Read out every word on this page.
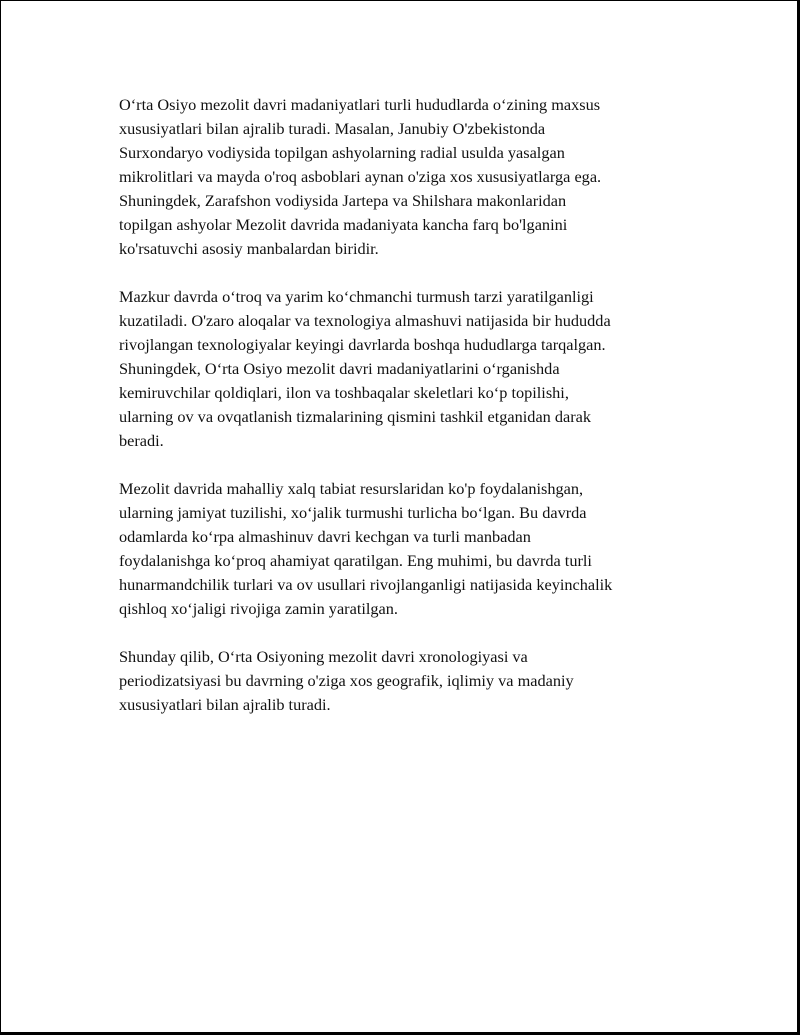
O‘rta Osiyo mezolit davri madaniyatlari turli hududlarda o‘zining maxsus
xususiyatlari bilan ajralib turadi. Masalan, Janubiy O'zbekistonda
Surxondaryo vodiysida topilgan ashyolarning radial usulda yasalgan
mikrolitlari va mayda o'roq asboblari aynan o'ziga xos xususiyatlarga ega.
Shuningdek, Zarafshon vodiysida Jartepa va Shilshara makonlaridan
topilgan ashyolar Mezolit davrida madaniyata kancha farq bo'lganini
ko'rsatuvchi asosiy manbalardan biridir.

Mazkur davrda o‘troq va yarim ko‘chmanchi turmush tarzi yaratilganligi
kuzatiladi. O'zaro aloqalar va texnologiya almashuvi natijasida bir hududda
rivojlangan texnologiyalar keyingi davrlarda boshqa hududlarga tarqalgan.
Shuningdek, O‘rta Osiyo mezolit davri madaniyatlarini o‘rganishda
kemiruvchilar qoldiqlari, ilon va toshbaqalar skeletlari ko‘p topilishi,
ularning ov va ovqatlanish tizmalarining qismini tashkil etganidan darak
beradi.

Mezolit davrida mahalliy xalq tabiat resurslaridan ko'p foydalanishgan,
ularning jamiyat tuzilishi, xo‘jalik turmushi turlicha bo‘lgan. Bu davrda
odamlarda ko‘rpa almashinuv davri kechgan va turli manbadan
foydalanishga ko‘proq ahamiyat qaratilgan. Eng muhimi, bu davrda turli
hunarmandchilik turlari va ov usullari rivojlanganligi natijasida keyinchalik
qishloq xo‘jaligi rivojiga zamin yaratilgan.

Shunday qilib, O‘rta Osiyoning mezolit davri xronologiyasi va
periodizatsiyasi bu davrning o'ziga xos geografik, iqlimiy va madaniy
xususiyatlari bilan ajralib turadi.
